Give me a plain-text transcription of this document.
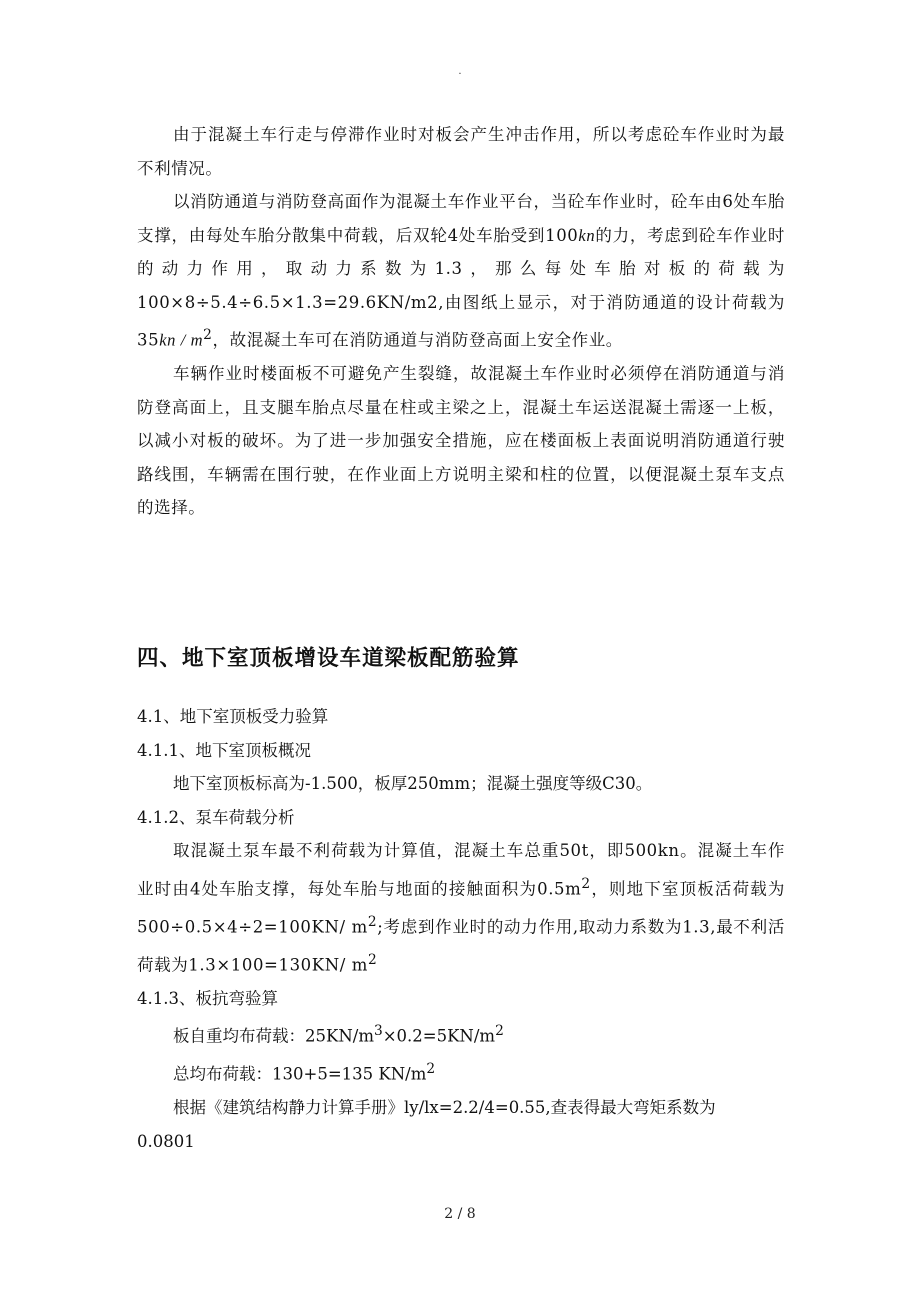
.

由于混凝土车行走与停滞作业时对板会产生冲击作用，所以考虑砼车作业时为最不利情况。

以消防通道与消防登高面作为混凝土车作业平台，当砼车作业时，砼车由6处车胎支撑，由每处车胎分散集中荷载，后双轮4处车胎受到100kn的力，考虑到砼车作业时的动力作用，取动力系数为1.3，那么每处车胎对板的荷载为100×8÷5.4÷6.5×1.3=29.6KN/m2,由图纸上显示，对于消防通道的设计荷载为$35kn / m^2$，故混凝土车可在消防通道与消防登高面上安全作业。

车辆作业时楼面板不可避免产生裂缝，故混凝土车作业时必须停在消防通道与消防登高面上，且支腿车胎点尽量在柱或主梁之上，混凝土车运送混凝土需逐一上板，以减小对板的破坏。为了进一步加强安全措施，应在楼面板上表面说明消防通道行驶路线围，车辆需在围行驶，在作业面上方说明主梁和柱的位置，以便混凝土泵车支点的选择。

四、地下室顶板增设车道梁板配筋验算

4.1、地下室顶板受力验算

4.1.1、地下室顶板概况

地下室顶板标高为-1.500，板厚250mm；混凝土强度等级C30。

4.1.2、泵车荷载分析

取混凝土泵车最不利荷载为计算值，混凝土车总重50t，即500kn。混凝土车作业时由4处车胎支撑，每处车胎与地面的接触面积为$0.5m^2$，则地下室顶板活荷载为500÷0.5×4÷2=100KN/ $m^2$;考虑到作业时的动力作用,取动力系数为1.3,最不利活荷载为1.3×100=130KN/ $m^2$

4.1.3、板抗弯验算

板自重均布荷载：$25KN/m^3\times 0.2=5KN/m^2$

总均布荷载：130+5=135 $KN/m^2$

根据《建筑结构静力计算手册》ly/lx=2.2/4=0.55,查表得最大弯矩系数为

0.0801

2 / 8
